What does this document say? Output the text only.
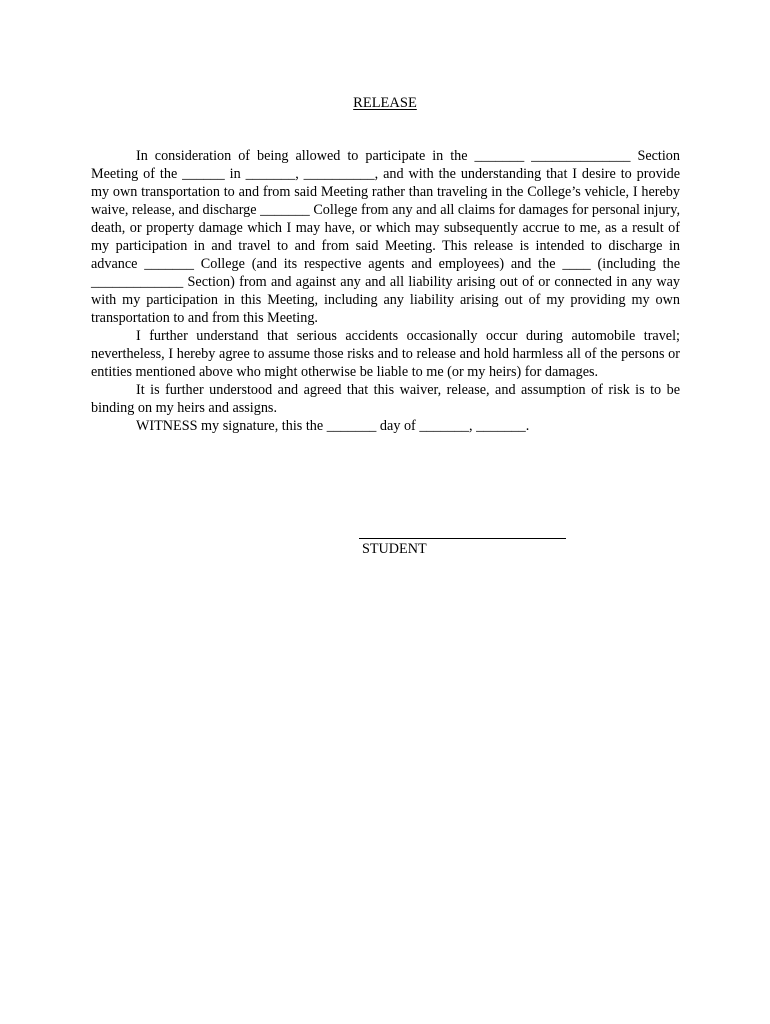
RELEASE

In consideration of being allowed to participate in the _______ ______________ Section Meeting of the ______ in _______, __________, and with the understanding that I desire to provide my own transportation to and from said Meeting rather than traveling in the College’s vehicle, I hereby waive, release, and discharge _______ College from any and all claims for damages for personal injury, death, or property damage which I may have, or which may subsequently accrue to me, as a result of my participation in and travel to and from said Meeting. This release is intended to discharge in advance _______ College (and its respective agents and employees) and the ____ (including the _____________ Section) from and against any and all liability arising out of or connected in any way with my participation in this Meeting, including any liability arising out of my providing my own transportation to and from this Meeting.

I further understand that serious accidents occasionally occur during automobile travel; nevertheless, I hereby agree to assume those risks and to release and hold harmless all of the persons or entities mentioned above who might otherwise be liable to me (or my heirs) for damages.

It is further understood and agreed that this waiver, release, and assumption of risk is to be binding on my heirs and assigns.

WITNESS my signature, this the _______ day of _______, _______.

STUDENT
